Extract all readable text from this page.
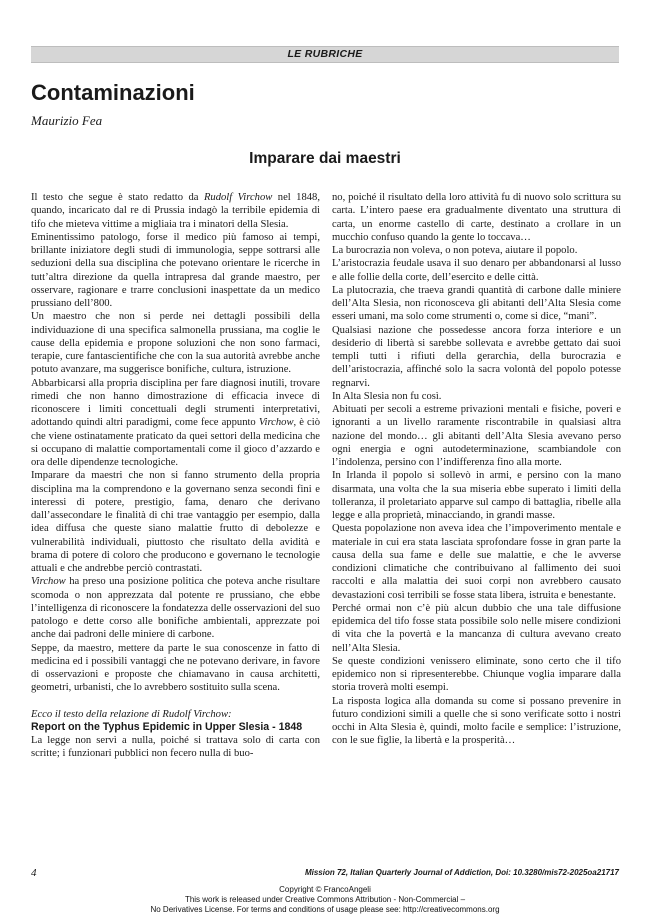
LE RUBRICHE
Contaminazioni
Maurizio Fea
Imparare dai maestri

Il testo che segue è stato redatto da Rudolf Virchow nel 1848, quando, incaricato dal re di Prussia indagò la terribile epidemia di tifo che mieteva vittime a migliaia tra i minatori della Slesia.

Eminentissimo patologo, forse il medico più famoso ai tempi, brillante iniziatore degli studi di immunologia, seppe sottrarsi alle seduzioni della sua disciplina che potevano orientare le ricerche in tutt’altra direzione da quella intrapresa dal grande maestro, per osservare, ragionare e trarre conclusioni inaspettate da un medico prussiano dell’800.

Un maestro che non si perde nei dettagli possibili della individuazione di una specifica salmonella prussiana, ma coglie le cause della epidemia e propone soluzioni che non sono farmaci, terapie, cure fantascientifiche che con la sua autorità avrebbe anche potuto avanzare, ma suggerisce bonifiche, cultura, istruzione.

Abbarbicarsi alla propria disciplina per fare diagnosi inutili, trovare rimedi che non hanno dimostrazione di efficacia invece di riconoscere i limiti concettuali degli strumenti interpretativi, adottando quindi altri paradigmi, come fece appunto Virchow, è ciò che viene ostinatamente praticato da quei settori della medicina che si occupano di malattie comportamentali come il gioco d’azzardo e ora delle dipendenze tecnologiche.

Imparare da maestri che non si fanno strumento della propria disciplina ma la comprendono e la governano senza secondi fini e interessi di potere, prestigio, fama, denaro che derivano dall’assecondare le finalità di chi trae vantaggio per esempio, dalla idea diffusa che queste siano malattie frutto di debolezze e vulnerabilità individuali, piuttosto che risultato della avidità e brama di potere di coloro che producono e governano le tecnologie attuali e che andrebbe perciò contrastati.

Virchow ha preso una posizione politica che poteva anche risultare scomoda o non apprezzata dal potente re prussiano, che ebbe l’intelligenza di riconoscere la fondatezza delle osservazioni del suo patologo e dette corso alle bonifiche ambientali, apprezzate poi anche dai padroni delle miniere di carbone.

Seppe, da maestro, mettere da parte le sua conoscenze in fatto di medicina ed i possibili vantaggi che ne potevano derivare, in favore di osservazioni e proposte che chiamavano in causa architetti, geometri, urbanisti, che lo avrebbero sostituito sulla scena.

Ecco il testo della relazione di Rudolf Virchow:

Report on the Typhus Epidemic in Upper Slesia - 1848

La legge non servì a nulla, poiché si trattava solo di carta con scritte; i funzionari pubblici non fecero nulla di buo-

no, poiché il risultato della loro attività fu di nuovo solo scrittura su carta. L’intero paese era gradualmente diventato una struttura di carta, un enorme castello di carte, destinato a crollare in un mucchio confuso quando la gente lo toccava…

La burocrazia non voleva, o non poteva, aiutare il popolo.

L’aristocrazia feudale usava il suo denaro per abbandonarsi al lusso e alle follie della corte, dell’esercito e delle città.

La plutocrazia, che traeva grandi quantità di carbone dalle miniere dell’Alta Slesia, non riconosceva gli abitanti dell’Alta Slesia come esseri umani, ma solo come strumenti o, come si dice, “mani”.

Qualsiasi nazione che possedesse ancora forza interiore e un desiderio di libertà si sarebbe sollevata e avrebbe gettato dai suoi templi tutti i rifiuti della gerarchia, della burocrazia e dell’aristocrazia, affinché solo la sacra volontà del popolo potesse regnarvi.

In Alta Slesia non fu così.

Abituati per secoli a estreme privazioni mentali e fisiche, poveri e ignoranti a un livello raramente riscontrabile in qualsiasi altra nazione del mondo… gli abitanti dell’Alta Slesia avevano perso ogni energia e ogni autodeterminazione, scambiandole con l’indolenza, persino con l’indifferenza fino alla morte.

In Irlanda il popolo si sollevò in armi, e persino con la mano disarmata, una volta che la sua miseria ebbe superato i limiti della tolleranza, il proletariato apparve sul campo di battaglia, ribelle alla legge e alla proprietà, minacciando, in grandi masse.

Questa popolazione non aveva idea che l’impoverimento mentale e materiale in cui era stata lasciata sprofondare fosse in gran parte la causa della sua fame e delle sue malattie, e che le avverse condizioni climatiche che contribuivano al fallimento dei suoi raccolti e alla malattia dei suoi corpi non avrebbero causato devastazioni così terribili se fosse stata libera, istruita e benestante.

Perché ormai non c’è più alcun dubbio che una tale diffusione epidemica del tifo fosse stata possibile solo nelle misere condizioni di vita che la povertà e la mancanza di cultura avevano creato nell’Alta Slesia.

Se queste condizioni venissero eliminate, sono certo che il tifo epidemico non si ripresenterebbe. Chiunque voglia imparare dalla storia troverà molti esempi.

La risposta logica alla domanda su come si possano prevenire in futuro condizioni simili a quelle che si sono verificate sotto i nostri occhi in Alta Slesia è, quindi, molto facile e semplice: l’istruzione, con le sue figlie, la libertà e la prosperità…

4	Mission 72, Italian Quarterly Journal of Addiction, Doi: 10.3280/mis72-2025oa21717
Copyright © FrancoAngeli
This work is released under Creative Commons Attribution - Non-Commercial –
No Derivatives License. For terms and conditions of usage please see: http://creativecommons.org
